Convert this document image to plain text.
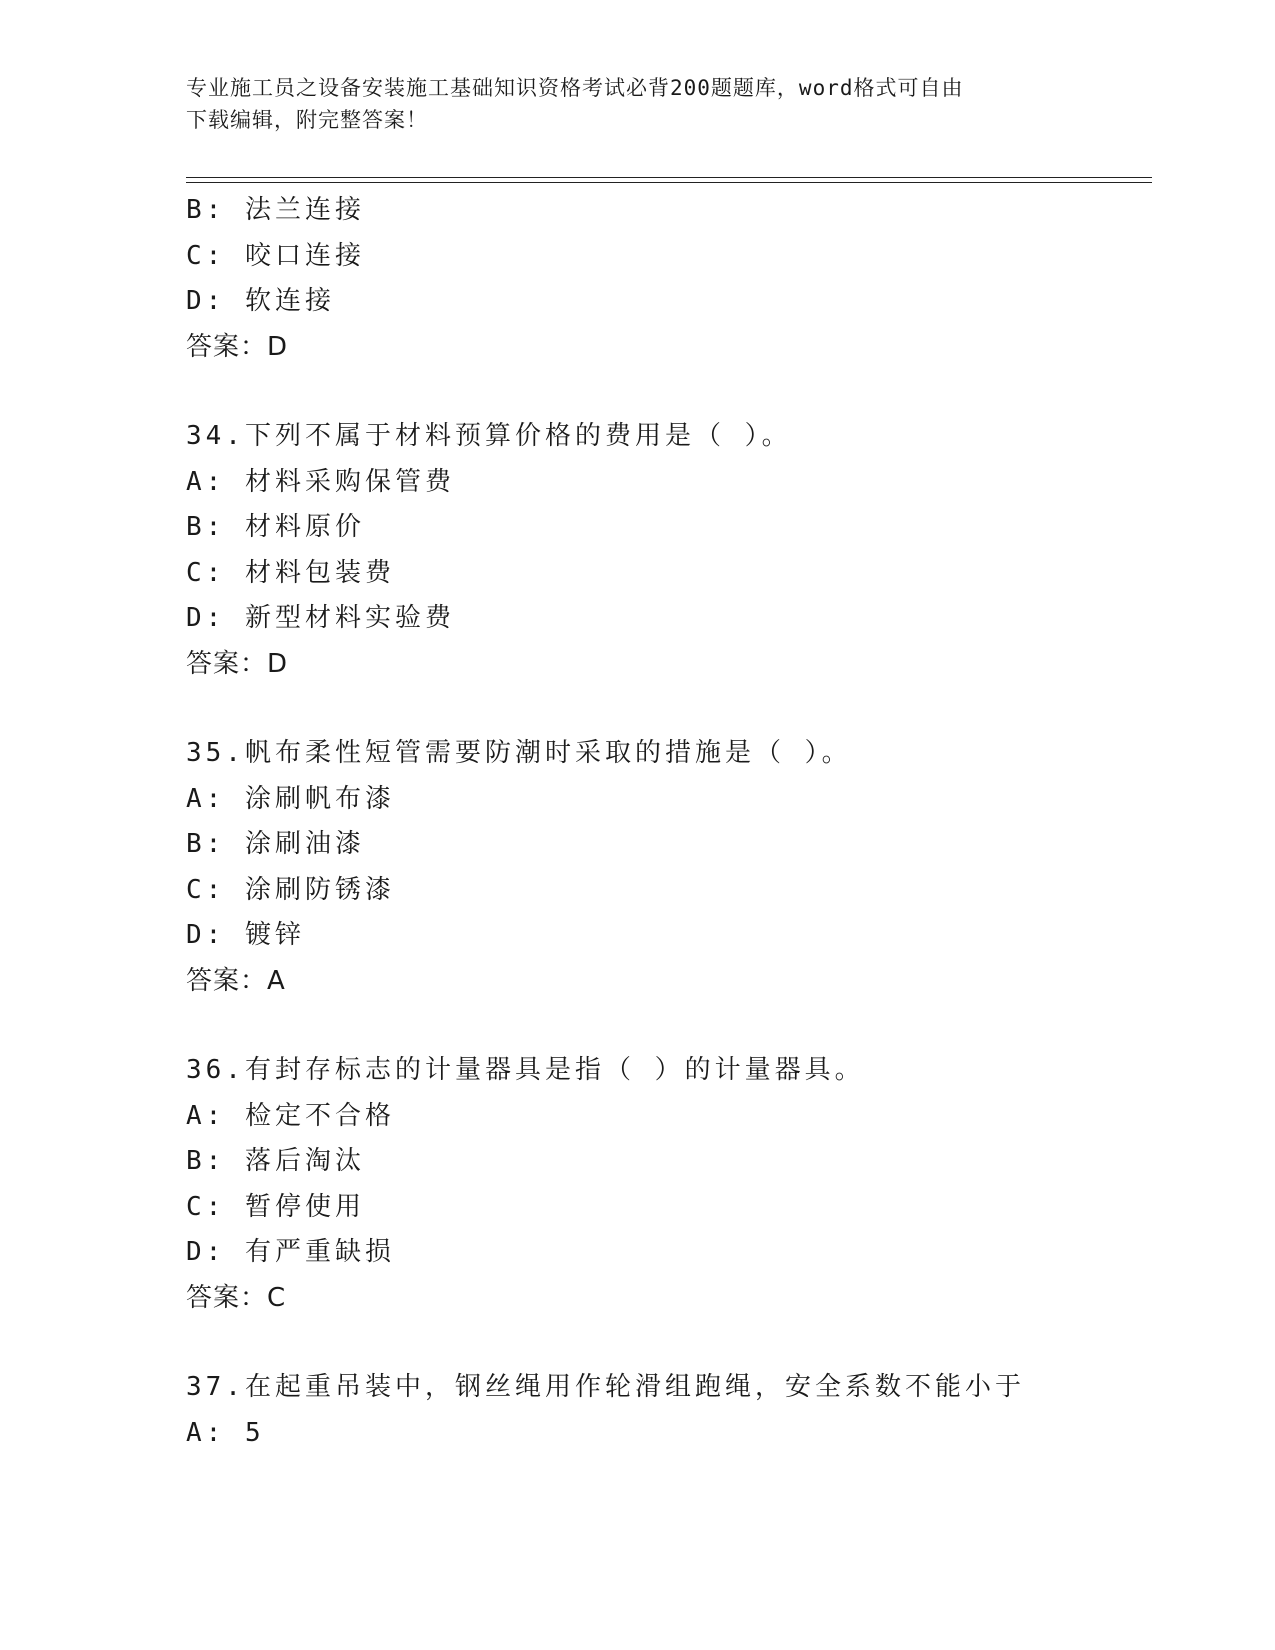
专业施工员之设备安装施工基础知识资格考试必背200题题库，word格式可自由
下载编辑，附完整答案！
B: 法兰连接
C: 咬口连接
D: 软连接
答案：D
34.下列不属于材料预算价格的费用是（ ）。
A: 材料采购保管费
B: 材料原价
C: 材料包装费
D: 新型材料实验费
答案：D
35.帆布柔性短管需要防潮时采取的措施是（ ）。
A: 涂刷帆布漆
B: 涂刷油漆
C: 涂刷防锈漆
D: 镀锌
答案：A
36.有封存标志的计量器具是指（ ）的计量器具。
A: 检定不合格
B: 落后淘汰
C: 暂停使用
D: 有严重缺损
答案：C
37.在起重吊装中，钢丝绳用作轮滑组跑绳，安全系数不能小于
A: 5
